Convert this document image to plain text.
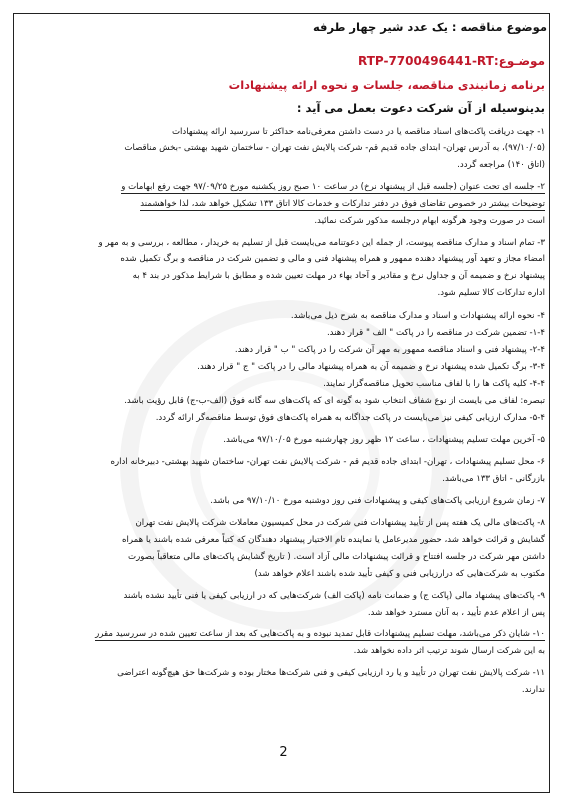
موضوع مناقصه : یک عدد شیر چهار طرفه
موضـوع:RTP-7700496441-RT
برنامه زمانبندی مناقصه، جلسات و نحوه ارائه پیشنهادات
بدینوسیله از آن شرکت دعوت بعمل می آید :
۱- جهت دریافت پاکت‌های اسناد مناقصه یا در دست داشتن معرفی‌نامه حداکثر تا سررسید ارائه پیشنهادات
(۹۷/۱۰/۰۵)، به آدرس تهران- ابتدای جاده قدیم قم- شرکت پالایش نفت تهران - ساختمان شهید بهشتی -بخش مناقصات
(اتاق ۱۴۰) مراجعه گردد.
۲- جلسه ای تحت عنوان (جلسه قبل از پیشنهاد نرخ) در ساعت ۱۰ صبح روز یکشنبه مورخ ۹۷/۰۹/۲۵ جهت رفع ابهامات و
توضیحات بیشتر در خصوص تقاضای فوق در دفتر تدارکات و خدمات کالا اتاق ۱۳۳ تشکیل خواهد شد، لذا خواهشمند
است در صورت وجود هرگونه ابهام درجلسه مذکور شرکت نمائید.
۳- تمام اسناد و مدارک مناقصه پیوست، از جمله این دعوتنامه می‌بایست قبل از تسلیم به خریدار ، مطالعه ، بررسی و به مهر و
امضاء مجاز و تعهد آور پیشنهاد دهنده ممهور و همراه پیشنهاد فنی و مالی و تضمین شرکت در مناقصه و برگ تکمیل شده
پیشنهاد نرخ و ضمیمه آن و جداول نرخ و مقادیر و آحاد بهاء در مهلت تعیین شده و مطابق با شرایط مذکور در بند ۴ به
اداره تدارکات کالا تسلیم شود.
۴- نحوه ارائه پیشنهادات و اسناد و مدارک مناقصه به شرح ذیل می‌باشد.
۱-۴- تضمین شرکت در مناقصه را در پاکت " الف " قرار دهند.
۲-۴- پیشنهاد فنی و اسناد مناقصه ممهور به مهر آن شرکت را در پاکت " ب " قرار دهند.
۳-۴- برگ تکمیل شده پیشنهاد نرخ و ضمیمه آن به همراه پیشنهاد مالی را در پاکت " ج " قرار دهند.
۴-۴- کلیه پاکت ها را با لفاف مناسب تحویل مناقصه‌گزار نمایند.
تبصره: لفاف می بایست از نوع شفاف انتخاب شود به گونه ای که پاکت‌های سه گانه فوق (الف-ب-ج) قابل رؤیت باشد.
۵-۴- مدارک ارزیابی کیفی نیز می‌بایست در پاکت جداگانه به همراه پاکت‌های فوق توسط مناقصه‌گر ارائه گردد.
۵- آخرین مهلت تسلیم پیشنهادات ، ساعت ۱۲ ظهر روز چهارشنبه مورخ ۹۷/۱۰/۰۵ می‌باشد.
۶- محل تسلیم پیشنهادات ، تهران- ابتدای جاده قدیم قم - شرکت پالایش نفت تهران- ساختمان شهید بهشتی- دبیرخانه اداره
بازرگانی - اتاق ۱۳۳ می‌باشد.
۷- زمان شروع ارزیابی پاکت‌های کیفی و پیشنهادات فنی روز دوشنبه مورخ ۹۷/۱۰/۱۰ می باشد.
۸- پاکت‌های مالی یک هفته پس از تأیید پیشنهادات فنی شرکت در محل کمیسیون معاملات شرکت پالایش نفت تهران
گشایش و قرائت خواهد شد، حضور مدیرعامل یا نماینده تام الاختیار پیشنهاد دهندگان که کتباً معرفی شده باشند یا همراه
داشتن مهر شرکت در جلسه افتتاح و قرائت پیشنهادات مالی آزاد است. ( تاریخ گشایش پاکت‌های مالی متعاقباً بصورت
مکتوب به شرکت‌هایی که درارزیابی فنی و کیفی تأیید شده باشند اعلام خواهد شد)
۹- پاکت‌های پیشنهاد مالی (پاکت ج) و ضمانت نامه (پاکت الف) شرکت‌هایی که در ارزیابی کیفی یا فنی تأیید نشده باشند
پس از اعلام عدم تأیید ، به آنان مسترد خواهد شد.
۱۰- شایان ذکر می‌باشد، مهلت تسلیم پیشنهادات قابل تمدید نبوده و به پاکت‌هایی که بعد از ساعت تعیین شده در سررسید مقرر
به این شرکت ارسال شوند ترتیب اثر داده نخواهد شد.
۱۱- شرکت پالایش نفت تهران در تأیید و یا رد ارزیابی کیفی و فنی شرکت‌ها مختار بوده و شرکت‌ها حق هیچ‌گونه اعتراضی
ندارند.
2
